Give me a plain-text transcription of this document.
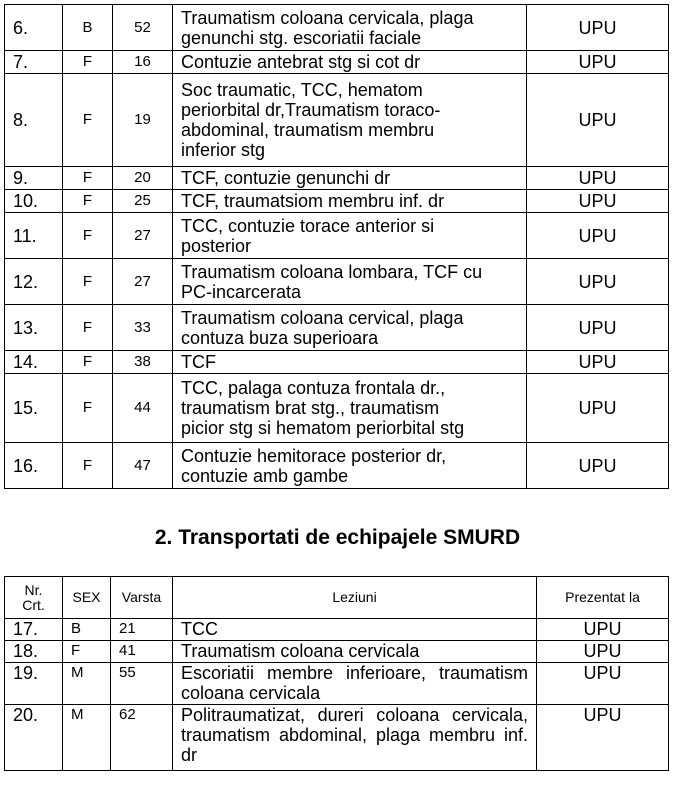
6.	B	52	Traumatism coloana cervicala, plaga
genunchi stg. escoriatii faciale	UPU
7.	F	16	Contuzie antebrat stg si cot dr	UPU
8.	F	19	Soc traumatic, TCC, hematom
periorbital dr,Traumatism toraco-
abdominal, traumatism membru
inferior stg	UPU
9.	F	20	TCF, contuzie genunchi dr	UPU
10.	F	25	TCF, traumatsiom membru inf. dr	UPU
11.	F	27	TCC, contuzie torace anterior si
posterior	UPU
12.	F	27	Traumatism coloana lombara, TCF cu
PC-incarcerata	UPU
13.	F	33	Traumatism coloana cervical, plaga
contuza buza superioara	UPU
14.	F	38	TCF	UPU
15.	F	44	TCC, palaga contuza frontala dr.,
traumatism brat stg., traumatism
picior stg si hematom periorbital stg	UPU
16.	F	47	Contuzie hemitorace posterior dr,
contuzie amb gambe	UPU
2. Transportati de echipajele SMURD
Nr.
Crt.	SEX	Varsta	Leziuni	Prezentat la
17.	B	21	TCC	UPU
18.	F	41	Traumatism coloana cervicala	UPU
19.	M	55	Escoriatii membre inferioare, traumatism coloana cervicala	UPU
20.	M	62	Politraumatizat, dureri coloana cervicala, traumatism abdominal, plaga membru inf. dr	UPU
